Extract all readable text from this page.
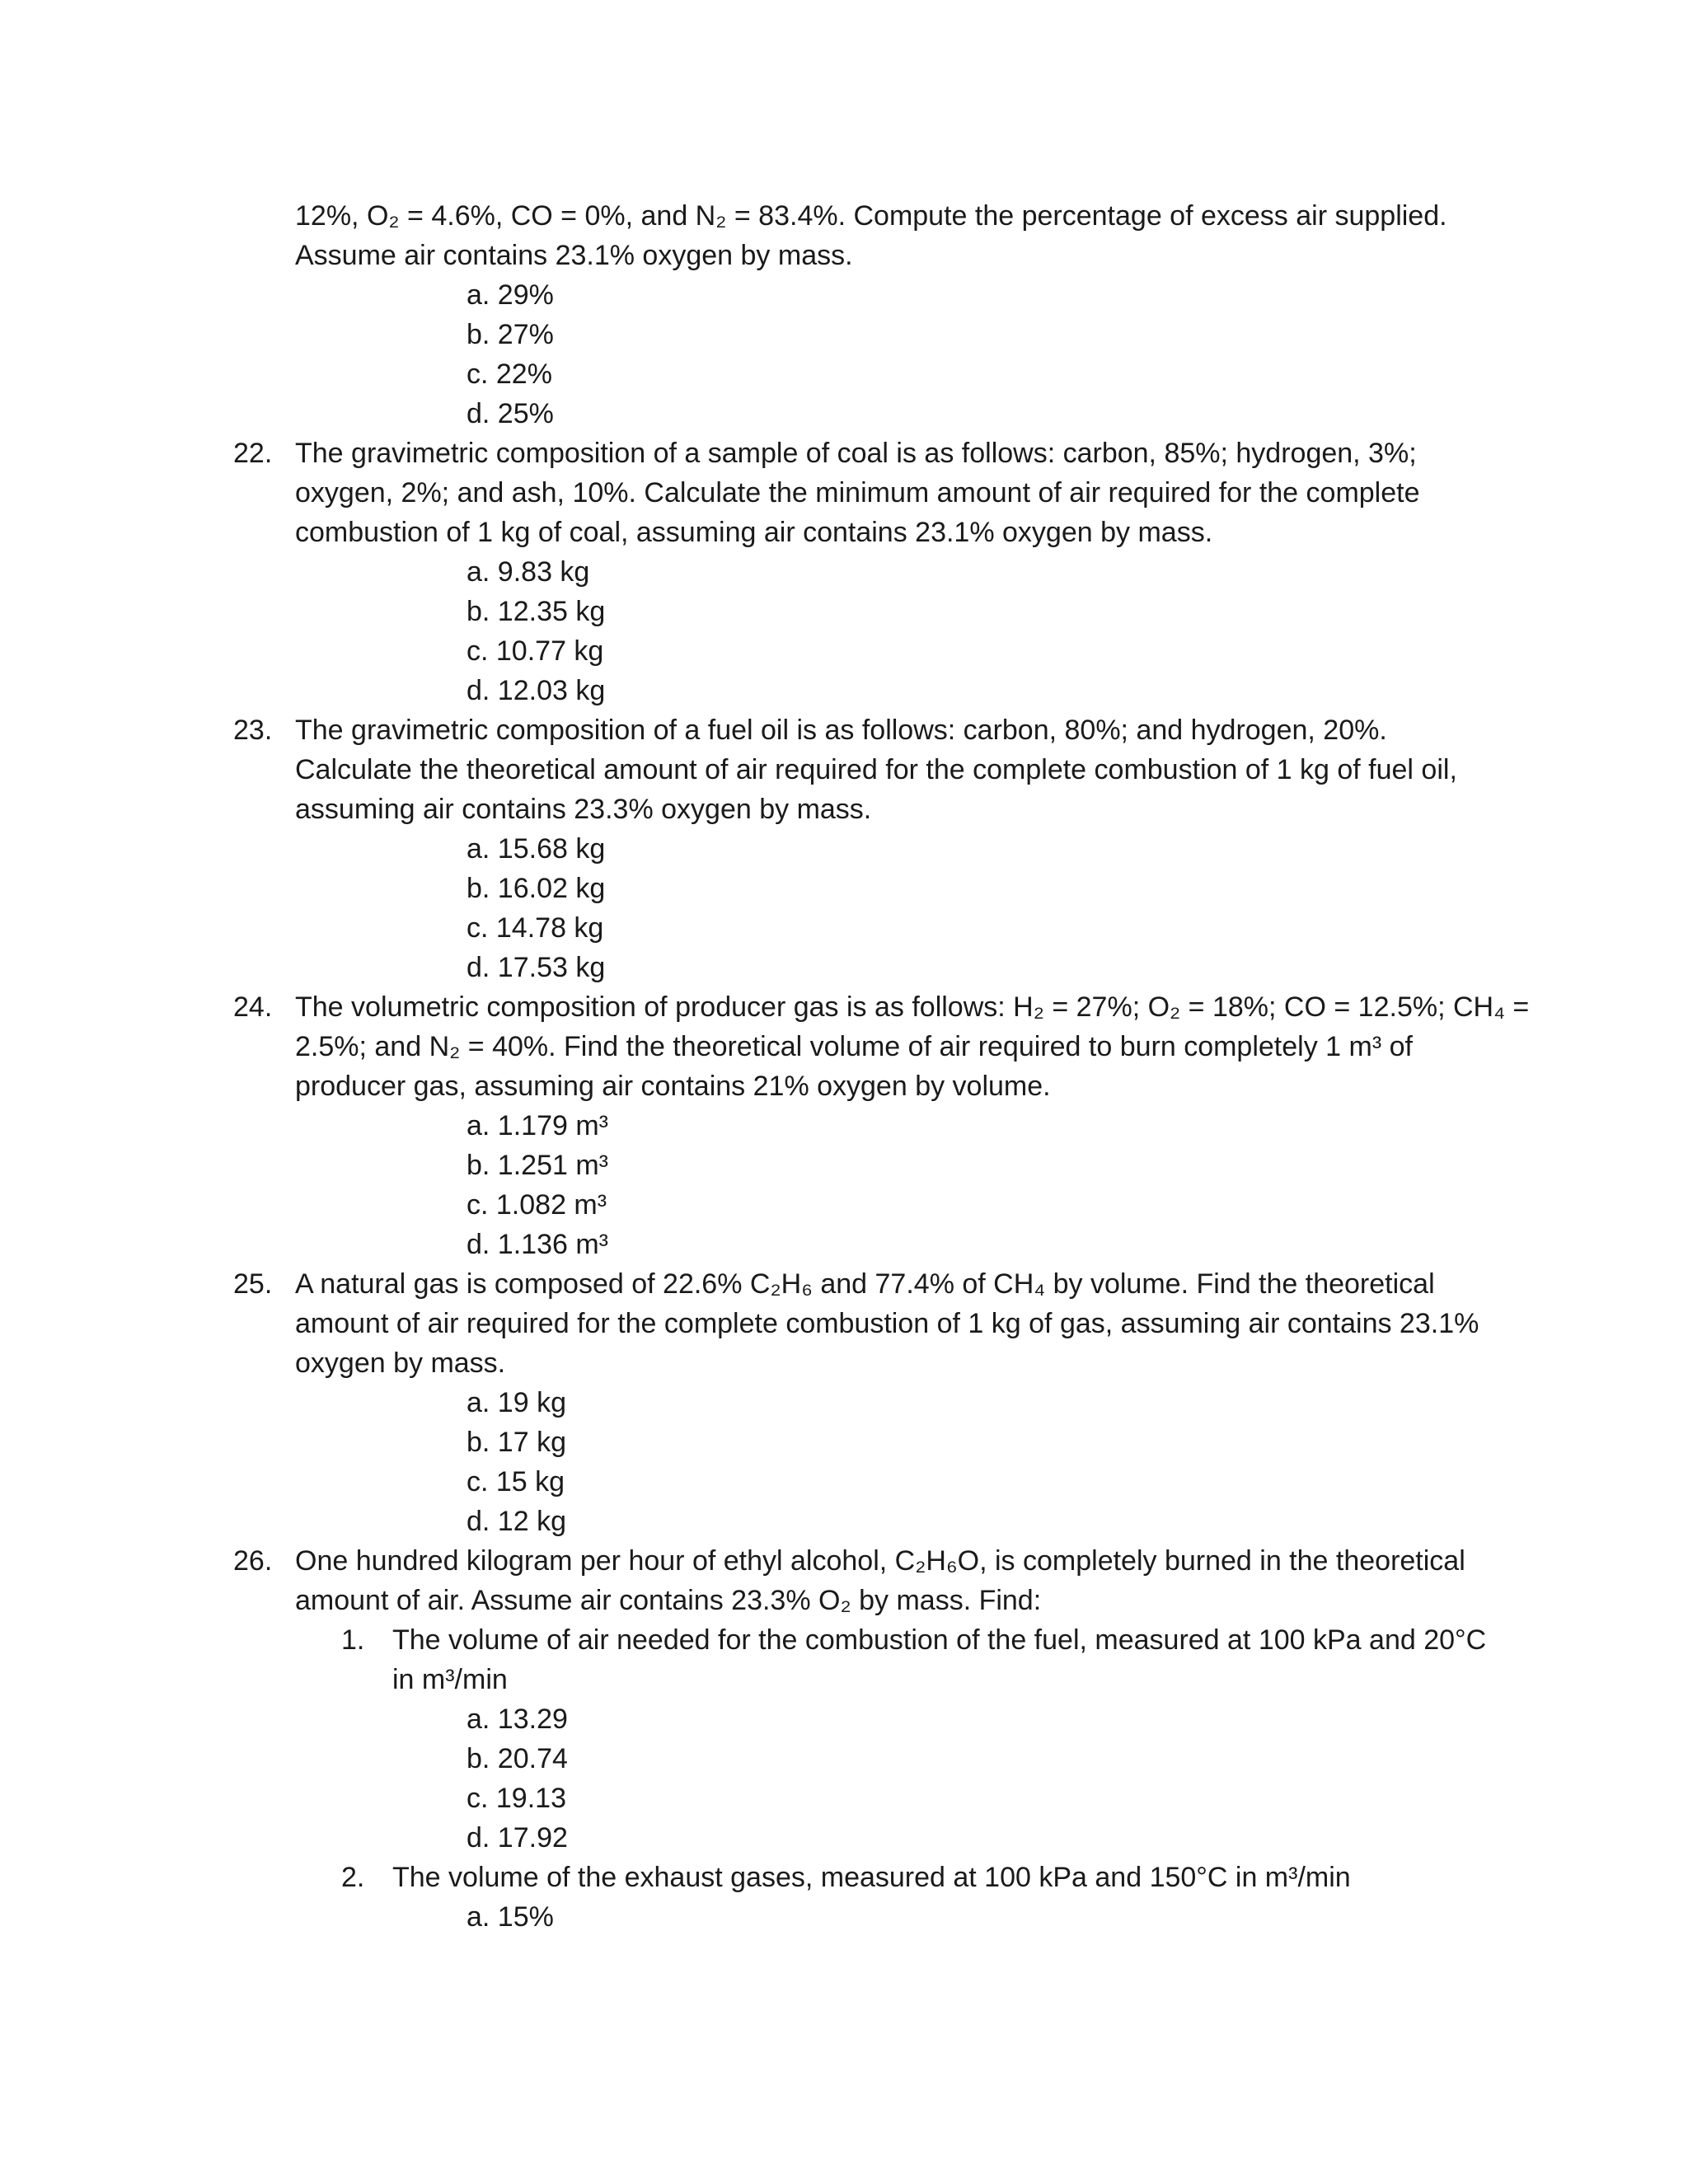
12%, O₂ = 4.6%, CO = 0%, and N₂ = 83.4%. Compute the percentage of excess air supplied.
Assume air contains 23.1% oxygen by mass.
a. 29%
b. 27%
c. 22%
d. 25%
22. The gravimetric composition of a sample of coal is as follows: carbon, 85%; hydrogen, 3%;
oxygen, 2%; and ash, 10%. Calculate the minimum amount of air required for the complete
combustion of 1 kg of coal, assuming air contains 23.1% oxygen by mass.
a. 9.83 kg
b. 12.35 kg
c. 10.77 kg
d. 12.03 kg
23. The gravimetric composition of a fuel oil is as follows: carbon, 80%; and hydrogen, 20%.
Calculate the theoretical amount of air required for the complete combustion of 1 kg of fuel oil,
assuming air contains 23.3% oxygen by mass.
a. 15.68 kg
b. 16.02 kg
c. 14.78 kg
d. 17.53 kg
24. The volumetric composition of producer gas is as follows: H₂ = 27%; O₂ = 18%; CO = 12.5%; CH₄ =
2.5%; and N₂ = 40%. Find the theoretical volume of air required to burn completely 1 m³ of
producer gas, assuming air contains 21% oxygen by volume.
a. 1.179 m³
b. 1.251 m³
c. 1.082 m³
d. 1.136 m³
25. A natural gas is composed of 22.6% C₂H₆ and 77.4% of CH₄ by volume. Find the theoretical
amount of air required for the complete combustion of 1 kg of gas, assuming air contains 23.1%
oxygen by mass.
a. 19 kg
b. 17 kg
c. 15 kg
d. 12 kg
26. One hundred kilogram per hour of ethyl alcohol, C₂H₆O, is completely burned in the theoretical
amount of air. Assume air contains 23.3% O₂ by mass. Find:
1. The volume of air needed for the combustion of the fuel, measured at 100 kPa and 20°C
in m³/min
a. 13.29
b. 20.74
c. 19.13
d. 17.92
2. The volume of the exhaust gases, measured at 100 kPa and 150°C in m³/min
a. 15%
